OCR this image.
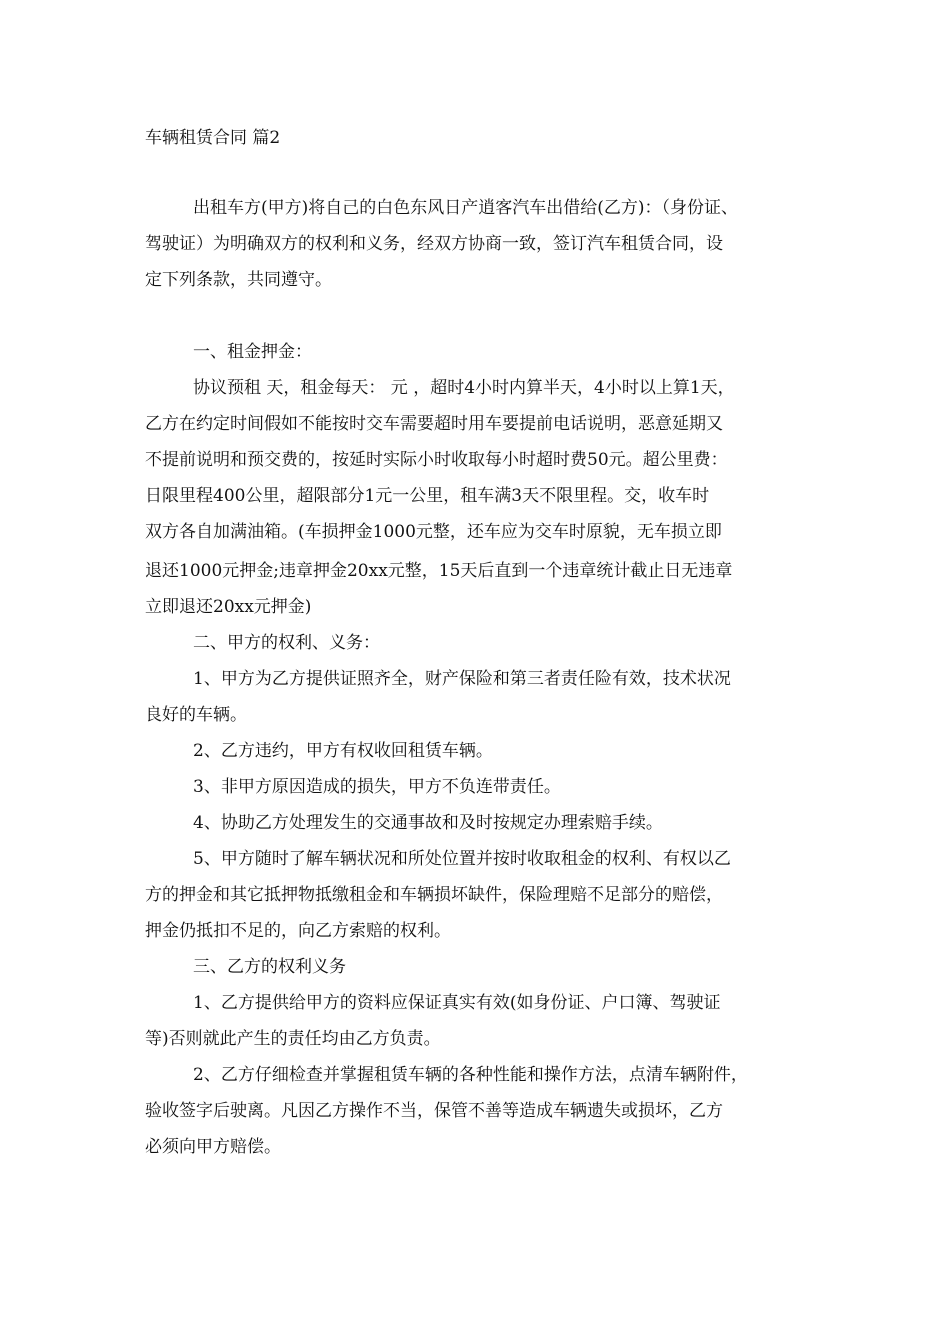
车辆租赁合同 篇2
出租车方(甲方)将自己的白色东风日产逍客汽车出借给(乙方)：（身份证、
驾驶证）为明确双方的权利和义务，经双方协商一致，签订汽车租赁合同，设
定下列条款，共同遵守。
一、租金押金：
协议预租 天，租金每天： 元 ，超时4小时内算半天，4小时以上算1天，
乙方在约定时间假如不能按时交车需要超时用车要提前电话说明，恶意延期又
不提前说明和预交费的，按延时实际小时收取每小时超时费50元。超公里费：
日限里程400公里，超限部分1元一公里，租车满3天不限里程。交，收车时
双方各自加满油箱。(车损押金1000元整，还车应为交车时原貌，无车损立即
退还1000元押金;违章押金20xx元整，15天后直到一个违章统计截止日无违章
立即退还20xx元押金)
二、甲方的权利、义务：
1、甲方为乙方提供证照齐全，财产保险和第三者责任险有效，技术状况
良好的车辆。
2、乙方违约，甲方有权收回租赁车辆。
3、非甲方原因造成的损失，甲方不负连带责任。
4、协助乙方处理发生的交通事故和及时按规定办理索赔手续。
5、甲方随时了解车辆状况和所处位置并按时收取租金的权利、有权以乙
方的押金和其它抵押物抵缴租金和车辆损坏缺件，保险理赔不足部分的赔偿，
押金仍抵扣不足的，向乙方索赔的权利。
三、乙方的权利义务
1、乙方提供给甲方的资料应保证真实有效(如身份证、户口簿、驾驶证
等)否则就此产生的责任均由乙方负责。
2、乙方仔细检查并掌握租赁车辆的各种性能和操作方法，点清车辆附件，
验收签字后驶离。凡因乙方操作不当，保管不善等造成车辆遗失或损坏，乙方
必须向甲方赔偿。
